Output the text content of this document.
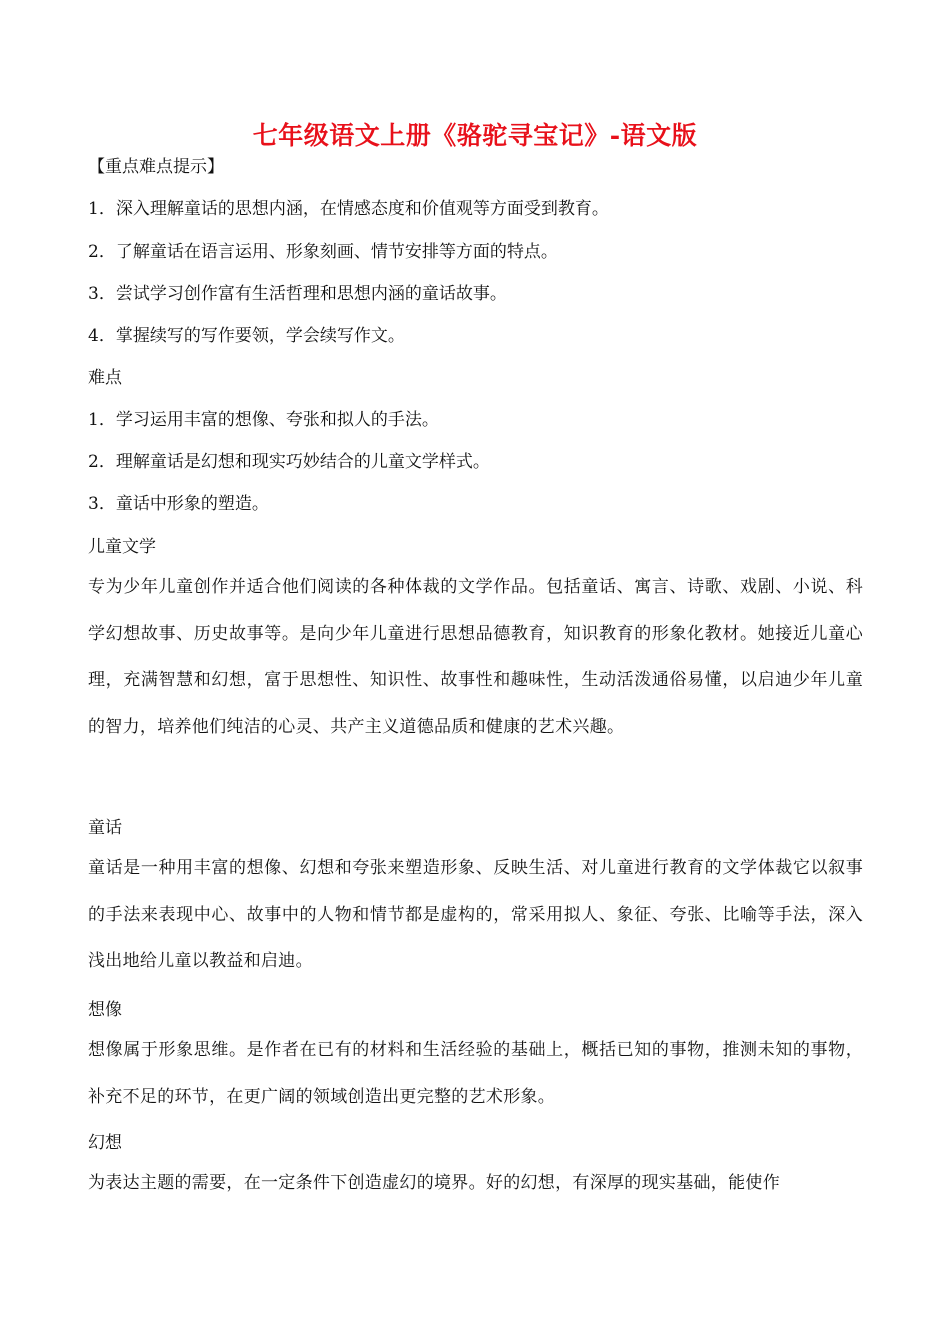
七年级语文上册《骆驼寻宝记》-语文版
【重点难点提示】
1．深入理解童话的思想内涵，在情感态度和价值观等方面受到教育。
2．了解童话在语言运用、形象刻画、情节安排等方面的特点。
3．尝试学习创作富有生活哲理和思想内涵的童话故事。
4．掌握续写的写作要领，学会续写作文。
难点
1．学习运用丰富的想像、夸张和拟人的手法。
2．理解童话是幻想和现实巧妙结合的儿童文学样式。
3．童话中形象的塑造。
儿童文学
专为少年儿童创作并适合他们阅读的各种体裁的文学作品。包括童话、寓言、诗歌、戏剧、小说、科学幻想故事、历史故事等。是向少年儿童进行思想品德教育，知识教育的形象化教材。她接近儿童心理，充满智慧和幻想，富于思想性、知识性、故事性和趣味性，生动活泼通俗易懂，以启迪少年儿童的智力，培养他们纯洁的心灵、共产主义道德品质和健康的艺术兴趣。
童话
童话是一种用丰富的想像、幻想和夸张来塑造形象、反映生活、对儿童进行教育的文学体裁它以叙事的手法来表现中心、故事中的人物和情节都是虚构的，常采用拟人、象征、夸张、比喻等手法，深入浅出地给儿童以教益和启迪。
想像
想像属于形象思维。是作者在已有的材料和生活经验的基础上，概括已知的事物，推测未知的事物，补充不足的环节，在更广阔的领域创造出更完整的艺术形象。
幻想
为表达主题的需要，在一定条件下创造虚幻的境界。好的幻想，有深厚的现实基础，能使作
